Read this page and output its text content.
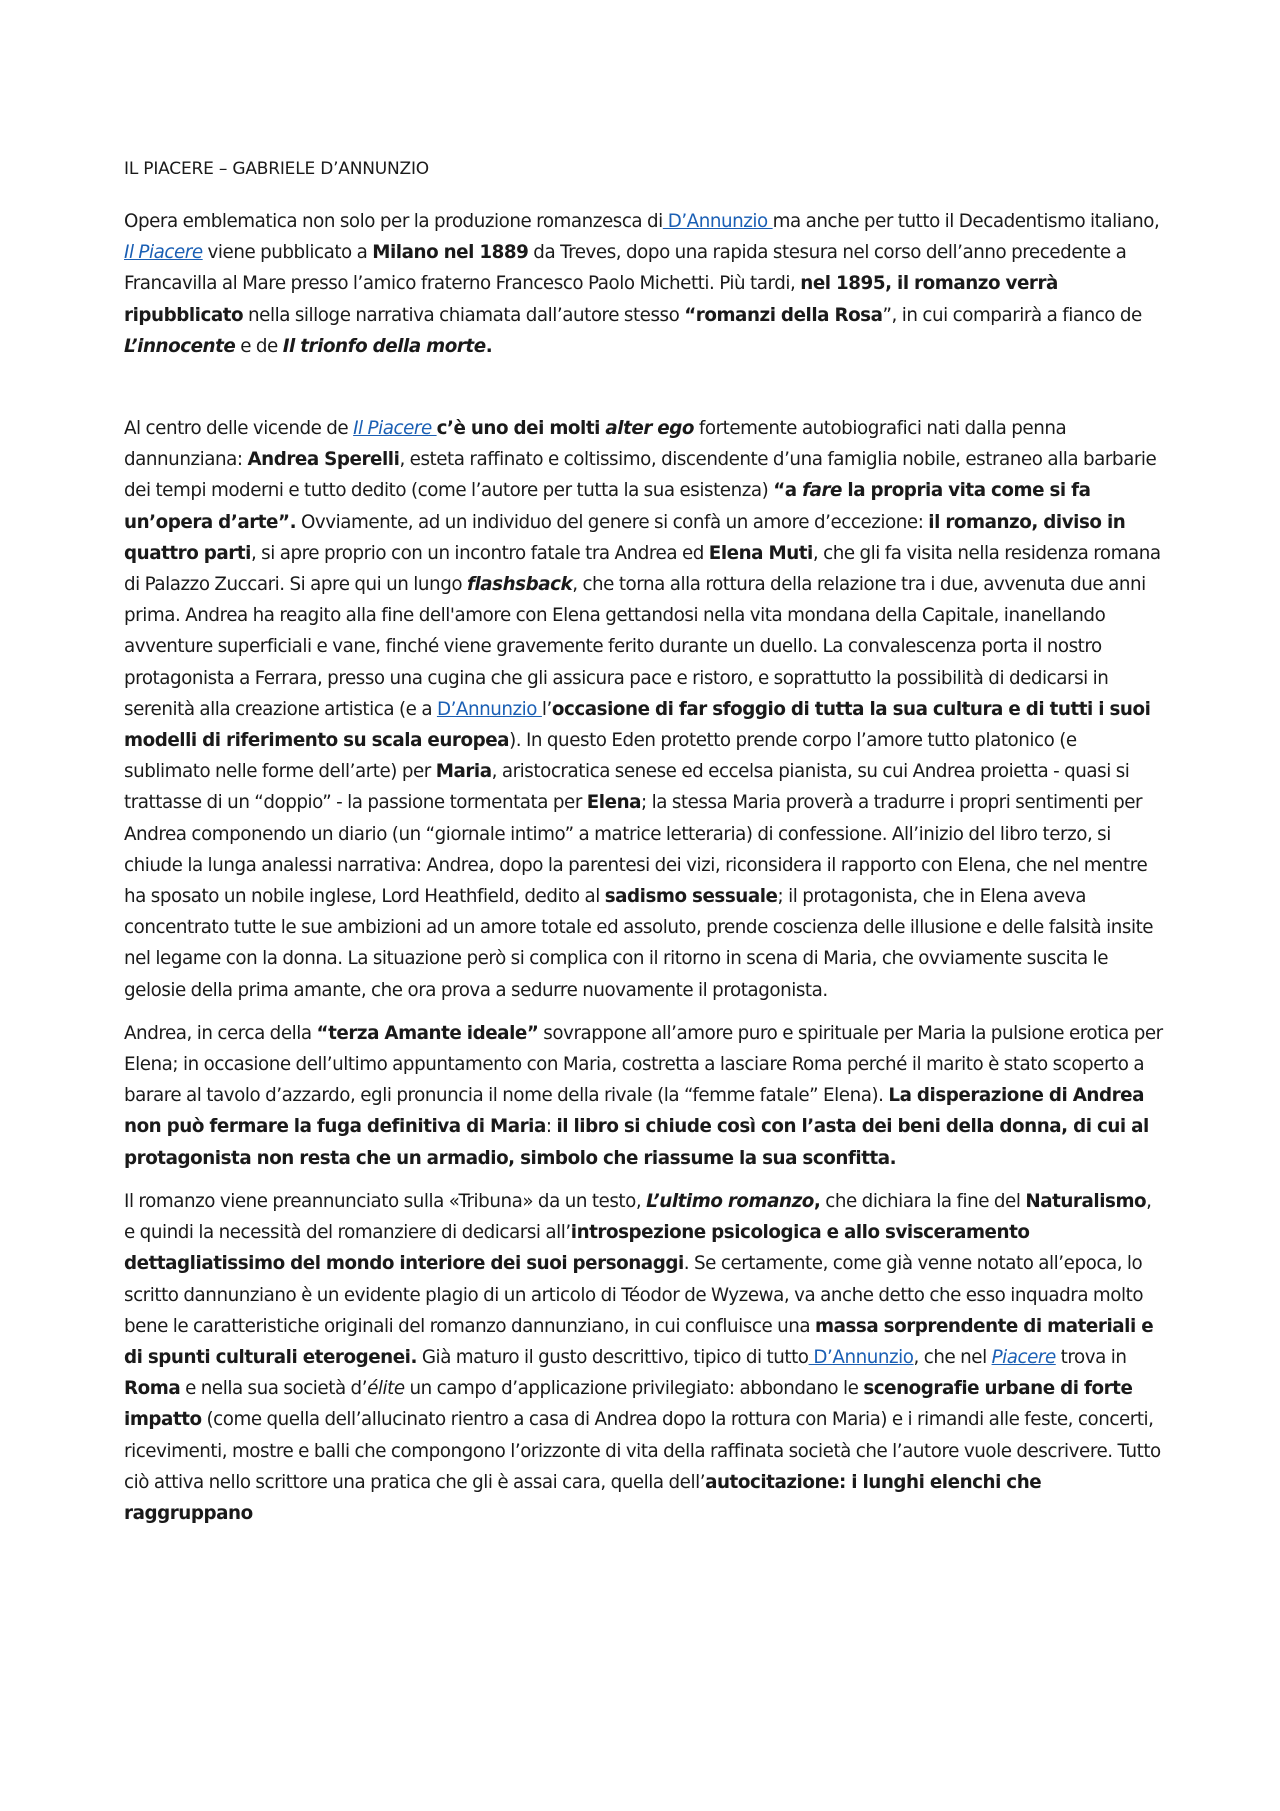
IL PIACERE – GABRIELE D’ANNUNZIO

Opera emblematica non solo per la produzione romanzesca di D’Annunzio ma anche per tutto il Decadentismo italiano, Il Piacere viene pubblicato a Milano nel 1889 da Treves, dopo una rapida stesura nel corso dell’anno precedente a Francavilla al Mare presso l’amico fraterno Francesco Paolo Michetti. Più tardi, nel 1895, il romanzo verrà ripubblicato nella silloge narrativa chiamata dall’autore stesso “romanzi della Rosa”, in cui comparirà a fianco de L’innocente e de Il trionfo della morte.

Al centro delle vicende de Il Piacere c’è uno dei molti alter ego fortemente autobiografici nati dalla penna dannunziana: Andrea Sperelli, esteta raffinato e coltissimo, discendente d’una famiglia nobile, estraneo alla barbarie dei tempi moderni e tutto dedito (come l’autore per tutta la sua esistenza) “a fare la propria vita come si fa un’opera d’arte”. Ovviamente, ad un individuo del genere si confà un amore d’eccezione: il romanzo, diviso in quattro parti, si apre proprio con un incontro fatale tra Andrea ed Elena Muti, che gli fa visita nella residenza romana di Palazzo Zuccari. Si apre qui un lungo flashsback, che torna alla rottura della relazione tra i due, avvenuta due anni prima. Andrea ha reagito alla fine dell'amore con Elena gettandosi nella vita mondana della Capitale, inanellando avventure superficiali e vane, finché viene gravemente ferito durante un duello. La convalescenza porta il nostro protagonista a Ferrara, presso una cugina che gli assicura pace e ristoro, e soprattutto la possibilità di dedicarsi in serenità alla creazione artistica (e a D’Annunzio l’occasione di far sfoggio di tutta la sua cultura e di tutti i suoi modelli di riferimento su scala europea). In questo Eden protetto prende corpo l’amore tutto platonico (e sublimato nelle forme dell’arte) per Maria, aristocratica senese ed eccelsa pianista, su cui Andrea proietta - quasi si trattasse di un “doppio” - la passione tormentata per Elena; la stessa Maria proverà a tradurre i propri sentimenti per Andrea componendo un diario (un “giornale intimo” a matrice letteraria) di confessione. All’inizio del libro terzo, si chiude la lunga analessi narrativa: Andrea, dopo la parentesi dei vizi, riconsidera il rapporto con Elena, che nel mentre ha sposato un nobile inglese, Lord Heathfield, dedito al sadismo sessuale; il protagonista, che in Elena aveva concentrato tutte le sue ambizioni ad un amore totale ed assoluto, prende coscienza delle illusione e delle falsità insite nel legame con la donna. La situazione però si complica con il ritorno in scena di Maria, che ovviamente suscita le gelosie della prima amante, che ora prova a sedurre nuovamente il protagonista.

Andrea, in cerca della “terza Amante ideale” sovrappone all’amore puro e spirituale per Maria la pulsione erotica per Elena; in occasione dell’ultimo appuntamento con Maria, costretta a lasciare Roma perché il marito è stato scoperto a barare al tavolo d’azzardo, egli pronuncia il nome della rivale (la “femme fatale” Elena). La disperazione di Andrea non può fermare la fuga definitiva di Maria: il libro si chiude così con l’asta dei beni della donna, di cui al protagonista non resta che un armadio, simbolo che riassume la sua sconfitta.

Il romanzo viene preannunciato sulla «Tribuna» da un testo, L’ultimo romanzo, che dichiara la fine del Naturalismo, e quindi la necessità del romanziere di dedicarsi all’introspezione psicologica e allo sviscerament​o dettagliatissimo del mondo interiore dei suoi personaggi. Se certamente, come già venne notato all’epoca, lo scritto dannunziano è un evidente plagio di un articolo di Téodor de Wyzewa, va anche detto che esso inquadra molto bene le caratteristiche originali del romanzo dannunziano, in cui confluisce una massa sorprendente di materiali e di spunti culturali eterogenei. Già maturo il gusto descrittivo, tipico di tutto D’Annunzio, che nel Piacere trova in Roma e nella sua società d’élite un campo d’applicazione privilegiato: abbondano le scenografie urbane di forte impatto (come quella dell’allucinato rientro a casa di Andrea dopo la rottura con Maria) e i rimandi alle feste, concerti, ricevimenti, mostre e balli che compongono l’orizzonte di vita della raffinata società che l’autore vuole descrivere. Tutto ciò attiva nello scrittore una pratica che gli è assai cara, quella dell’autocitazione: i lunghi elenchi che raggruppano
